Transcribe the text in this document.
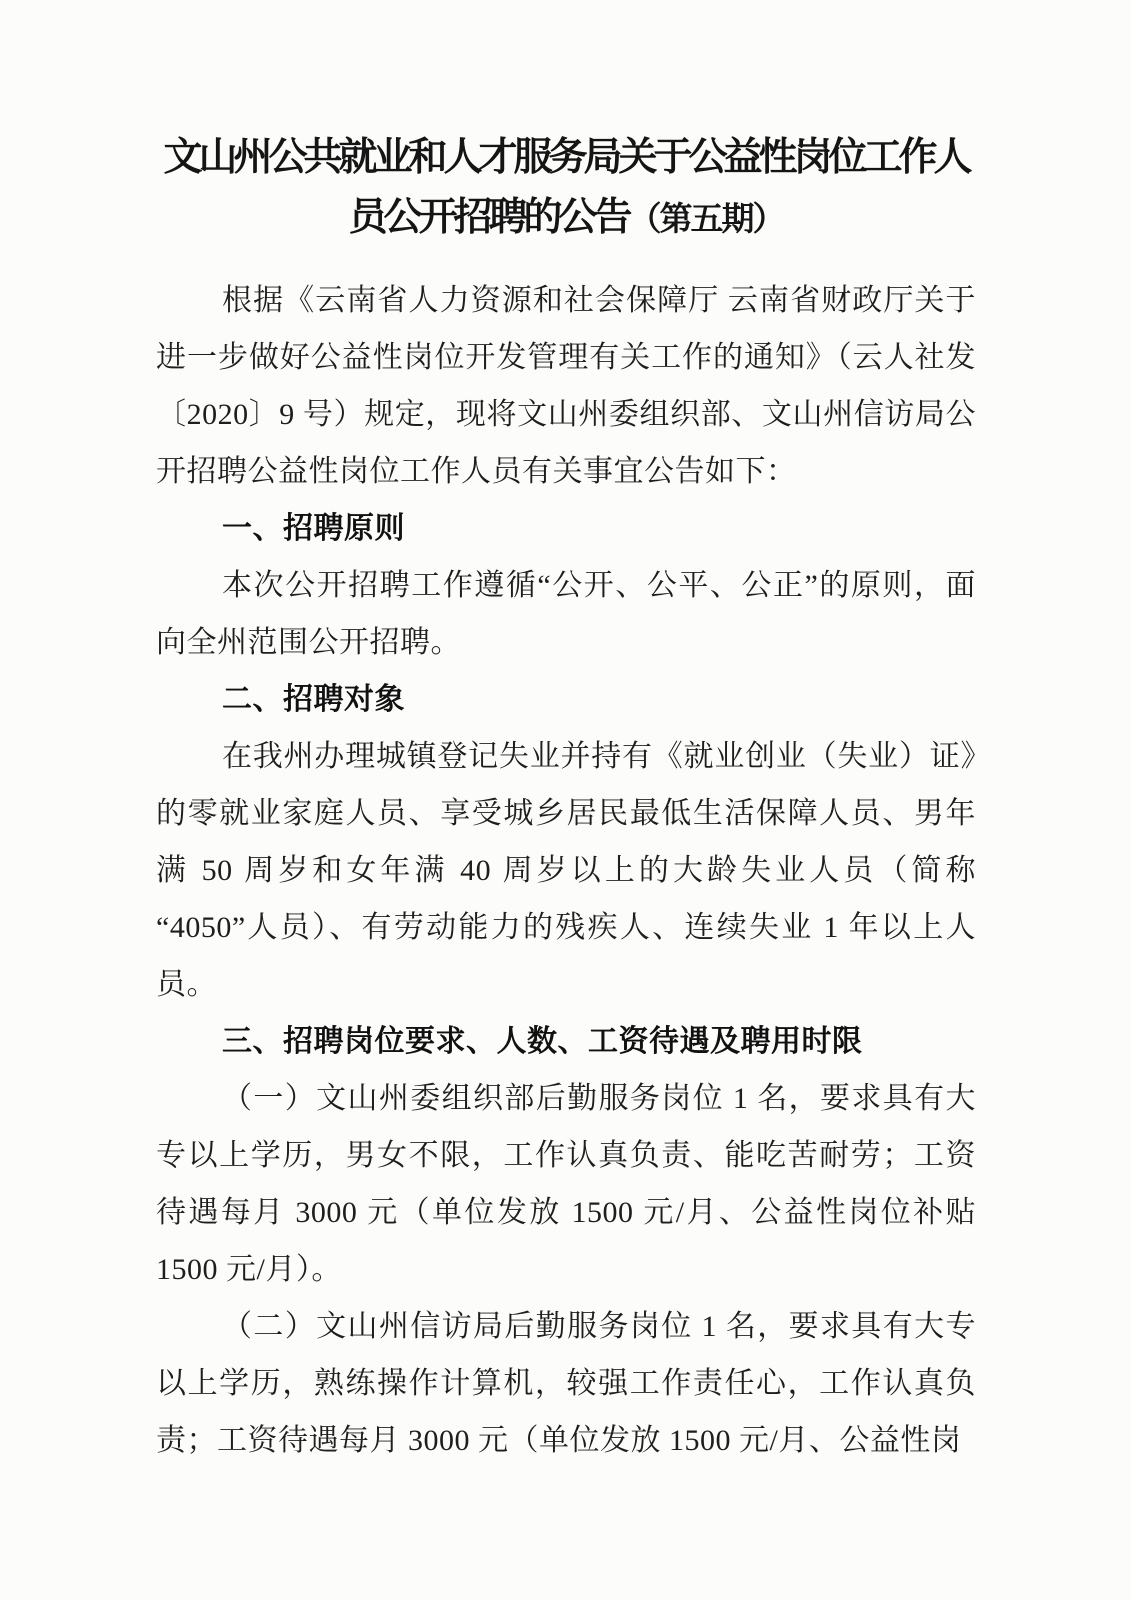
文山州公共就业和人才服务局关于公益性岗位工作人
员公开招聘的公告（第五期）

根据《云南省人力资源和社会保障厅 云南省财政厅关于进一步做好公益性岗位开发管理有关工作的通知》（云人社发〔2020〕9 号）规定，现将文山州委组织部、文山州信访局公开招聘公益性岗位工作人员有关事宜公告如下：

一、招聘原则

本次公开招聘工作遵循“公开、公平、公正”的原则，面向全州范围公开招聘。

二、招聘对象

在我州办理城镇登记失业并持有《就业创业（失业）证》的零就业家庭人员、享受城乡居民最低生活保障人员、男年满 50 周岁和女年满 40 周岁以上的大龄失业人员（简称“4050”人员）、有劳动能力的残疾人、连续失业 1 年以上人员。

三、招聘岗位要求、人数、工资待遇及聘用时限

（一）文山州委组织部后勤服务岗位 1 名，要求具有大专以上学历，男女不限，工作认真负责、能吃苦耐劳；工资待遇每月 3000 元（单位发放 1500 元/月、公益性岗位补贴 1500 元/月）。

（二）文山州信访局后勤服务岗位 1 名，要求具有大专以上学历，熟练操作计算机，较强工作责任心，工作认真负责；工资待遇每月 3000 元（单位发放 1500 元/月、公益性岗
